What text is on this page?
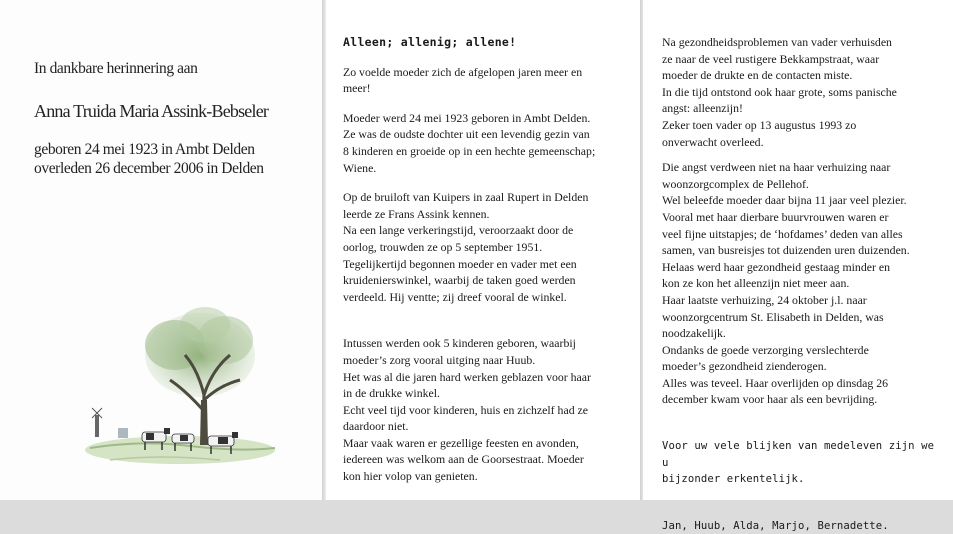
In dankbare herinnering aan
Anna Truida Maria Assink-Bebseler
geboren 24 mei 1923 in Ambt Delden
overleden 26 december 2006 in Delden

Alleen; allenig; allene!

Zo voelde moeder zich de afgelopen jaren meer en
meer!

Moeder werd 24 mei 1923 geboren in Ambt Delden.
Ze was de oudste dochter uit een levendig gezin van
8 kinderen en groeide op in een hechte gemeenschap;
Wiene.

Op de bruiloft van Kuipers in zaal Rupert in Delden
leerde ze Frans Assink kennen.
Na een lange verkeringstijd, veroorzaakt door de
oorlog, trouwden ze op 5 september 1951.
Tegelijkertijd begonnen moeder en vader met een
kruidenierswinkel, waarbij de taken goed werden
verdeeld. Hij ventte; zij dreef vooral de winkel.

Intussen werden ook 5 kinderen geboren, waarbij
moeder’s zorg vooral uitging naar Huub.
Het was al die jaren hard werken geblazen voor haar
in de drukke winkel.
Echt veel tijd voor kinderen, huis en zichzelf had ze
daardoor niet.
Maar vaak waren er gezellige feesten en avonden,
iedereen was welkom aan de Goorsestraat. Moeder
kon hier volop van genieten.

Na gezondheidsproblemen van vader verhuisden
ze naar de veel rustigere Bekkampstraat, waar
moeder de drukte en de contacten miste.
In die tijd ontstond ook haar grote, soms panische
angst: alleenzijn!
Zeker toen vader op 13 augustus 1993 zo
onverwacht overleed.

Die angst verdween niet na haar verhuizing naar
woonzorgcomplex de Pellehof.
Wel beleefde moeder daar bijna 11 jaar veel plezier.
Vooral met haar dierbare buurvrouwen waren er
veel fijne uitstapjes; de ‘hofdames’ deden van alles
samen, van busreisjes tot duizenden uren duizenden.
Helaas werd haar gezondheid gestaag minder en
kon ze kon het alleenzijn niet meer aan.
Haar laatste verhuizing, 24 oktober j.l. naar
woonzorgcentrum St. Elisabeth in Delden, was
noodzakelijk.
Ondanks de goede verzorging verslechterde
moeder’s gezondheid zienderogen.
Alles was teveel. Haar overlijden op dinsdag 26
december kwam voor haar als een bevrijding.

Voor uw vele blijken van medeleven zijn we u
bijzonder erkentelijk.

Jan, Huub, Alda, Marjo, Bernadette.
